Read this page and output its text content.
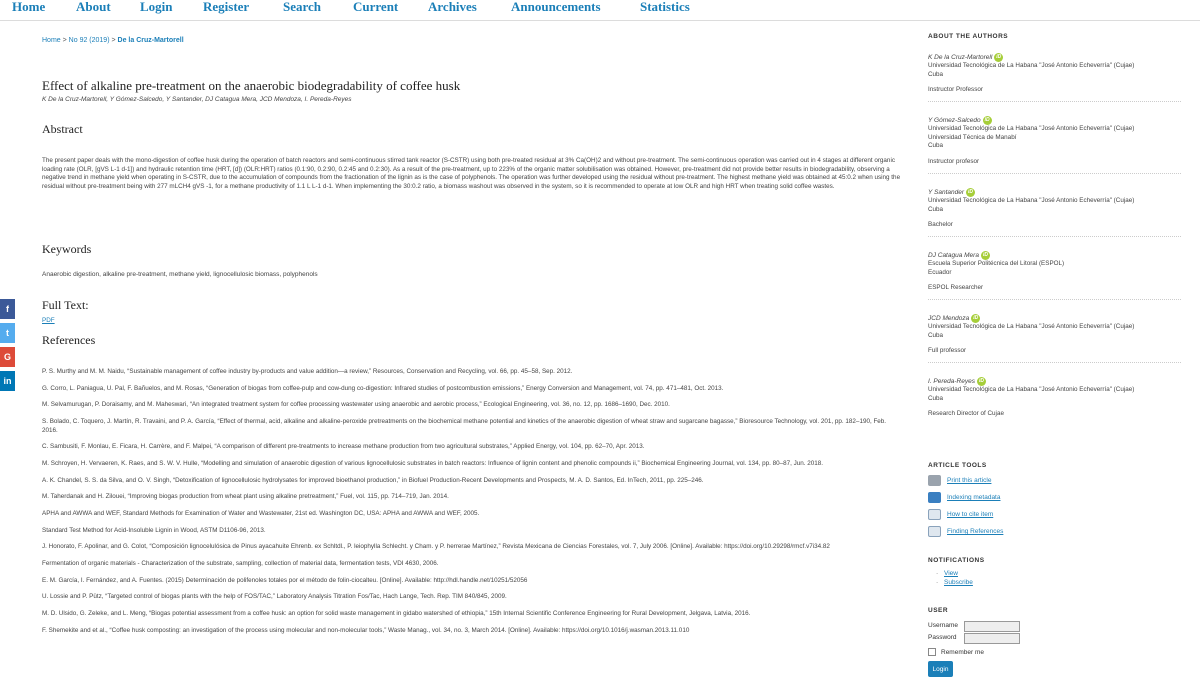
Home About Login Register	Search Current Archives	Announcements	Statistics
f
t
G
in
Home > No 92 (2019) > De la Cruz-Martorell
Effect of alkaline pre-treatment on the anaerobic biodegradability of coffee husk
K De la Cruz-Martorell, Y Gómez-Salcedo, Y Santander, DJ Catagua Mera, JCD Mendoza, I. Pereda-Reyes
Abstract
The present paper deals with the mono-digestion of coffee husk during the operation of batch reactors and semi-continuous stirred tank reactor (S-CSTR) using both pre-treated residual at 3% Ca(OH)2 and without pre-treatment. The semi-continuous operation was carried out in 4 stages at different organic loading rate (OLR, [gVS L-1 d-1]) and hydraulic retention time (HRT, [d]) (OLR:HRT) ratios (0.1:90, 0.2:90, 0.2:45 and 0.2:30). As a result of the pre-treatment, up to 223% of the organic matter solubilisation was obtained. However, pre-treatment did not provide better results in biodegradability, observing a negative trend in methane yield when operating in S-CSTR, due to the accumulation of compounds from the fractionation of the lignin as is the case of polyphenols. The operation was further developed using the residual without pre-treatment. The highest methane yield was obtained at 45:0.2 when using the residual without pre-treatment being with 277 mLCH4 gVS -1, for a methane productivity of 1.1 L L-1 d-1. When implementing the 30:0.2 ratio, a biomass washout was observed in the system, so it is recommended to operate at low OLR and high HRT when treating solid coffee wastes.
Keywords
Anaerobic digestion, alkaline pre-treatment, methane yield, lignocellulosic biomass, polyphenols
Full Text:
PDF
References
P. S. Murthy and M. M. Naidu, “Sustainable management of coffee industry by-products and value addition—a review,” Resources, Conservation and Recycling, vol. 66, pp. 45–58, Sep. 2012.
G. Corro, L. Paniagua, U. Pal, F. Bañuelos, and M. Rosas, “Generation of biogas from coffee-pulp and cow-dung co-digestion: Infrared studies of postcombustion emissions,” Energy Conversion and Management, vol. 74, pp. 471–481, Oct. 2013.
M. Selvamurugan, P. Doraisamy, and M. Maheswari, “An integrated treatment system for coffee processing wastewater using anaerobic and aerobic process,” Ecological Engineering, vol. 36, no. 12, pp. 1686–1690, Dec. 2010.
S. Bolado, C. Toquero, J. Martín, R. Travaini, and P. A. García, “Effect of thermal, acid, alkaline and alkaline-peroxide pretreatments on the biochemical methane potential and kinetics of the anaerobic digestion of wheat straw and sugarcane bagasse,” Bioresource Technology, vol. 201, pp. 182–190, Feb. 2016.
C. Sambusiti, F. Monlau, E. Ficara, H. Carrère, and F. Malpei, “A comparison of different pre-treatments to increase methane production from two agricultural substrates,” Applied Energy, vol. 104, pp. 62–70, Apr. 2013.
M. Schroyen, H. Vervaeren, K. Raes, and S. W. V. Hulle, “Modelling and simulation of anaerobic digestion of various lignocellulosic substrates in batch reactors: Influence of lignin content and phenolic compounds ii,” Biochemical Engineering Journal, vol. 134, pp. 80–87, Jun. 2018.
A. K. Chandel, S. S. da Silva, and O. V. Singh, “Detoxification of lignocellulosic hydrolysates for improved bioethanol production,” in Biofuel Production-Recent Developments and Prospects, M. A. D. Santos, Ed. InTech, 2011, pp. 225–246.
M. Taherdanak and H. Zilouei, “Improving biogas production from wheat plant using alkaline pretreatment,” Fuel, vol. 115, pp. 714–719, Jan. 2014.
APHA and AWWA and WEF, Standard Methods for Examination of Water and Wastewater, 21st ed. Washington DC, USA: APHA and AWWA and WEF, 2005.
Standard Test Method for Acid-Insoluble Lignin in Wood, ASTM D1106-96, 2013.
J. Honorato, F. Apolinar, and G. Colot, “Composición lignocelulósica de Pinus ayacahuite Ehrenb. ex Schltdl., P. leiophylla Schlecht. y Cham. y P. herrerae Martínez,” Revista Mexicana de Ciencias Forestales, vol. 7, July 2006. [Online]. Available: https://doi.org/10.29298/rmcf.v7i34.82
Fermentation of organic materials - Characterization of the substrate, sampling, collection of material data, fermentation tests, VDI 4630, 2006.
E. M. García, I. Fernández, and A. Fuentes. (2015) Determinación de polifenoles totales por el método de folin-ciocalteu. [Online]. Available: http://hdl.handle.net/10251/52056
U. Lossie and P. Pütz, “Targeted control of biogas plants with the help of FOS/TAC,” Laboratory Analysis Titration Fos/Tac, Hach Lange, Tech. Rep. TIM 840/845, 2009.
M. D. Ulsido, G. Zeleke, and L. Meng, “Biogas potential assessment from a coffee husk: an option for solid waste management in gidabo watershed of ethiopia,” 15th Internal Scientific Conference Engineering for Rural Development, Jelgava, Latvia, 2016.
F. Shemekite and et al., “Coffee husk composting: an investigation of the process using molecular and non-molecular tools,” Waste Manag., vol. 34, no. 3, March 2014. [Online]. Available: https://doi.org/10.1016/j.wasman.2013.11.010
ABOUT THE AUTHORS
K De la Cruz-Martorell iD
Universidad Tecnológica de La Habana "José Antonio Echeverría" (Cujae)
Cuba
Instructor Professor
Y Gómez-Salcedo iD
Universidad Tecnológica de La Habana "José Antonio Echeverría" (Cujae)
Universidad Técnica de Manabí
Cuba
Instructor profesor
Y Santander iD
Universidad Tecnológica de La Habana "José Antonio Echeverría" (Cujae)
Cuba
Bachelor
DJ Catagua Mera iD
Escuela Superior Politécnica del Litoral (ESPOL)
Ecuador
ESPOL Researcher
JCD Mendoza iD
Universidad Tecnológica de La Habana "José Antonio Echeverría" (Cujae)
Cuba
Full professor
I. Pereda-Reyes iD
Universidad Tecnológica de La Habana "José Antonio Echeverría" (Cujae)
Cuba
Research Director of Cujae
ARTICLE TOOLS
Print this article
Indexing metadata
How to cite item
Finding References
NOTIFICATIONS
· View
· Subscribe
USER
Username
Password
Remember me
Login
